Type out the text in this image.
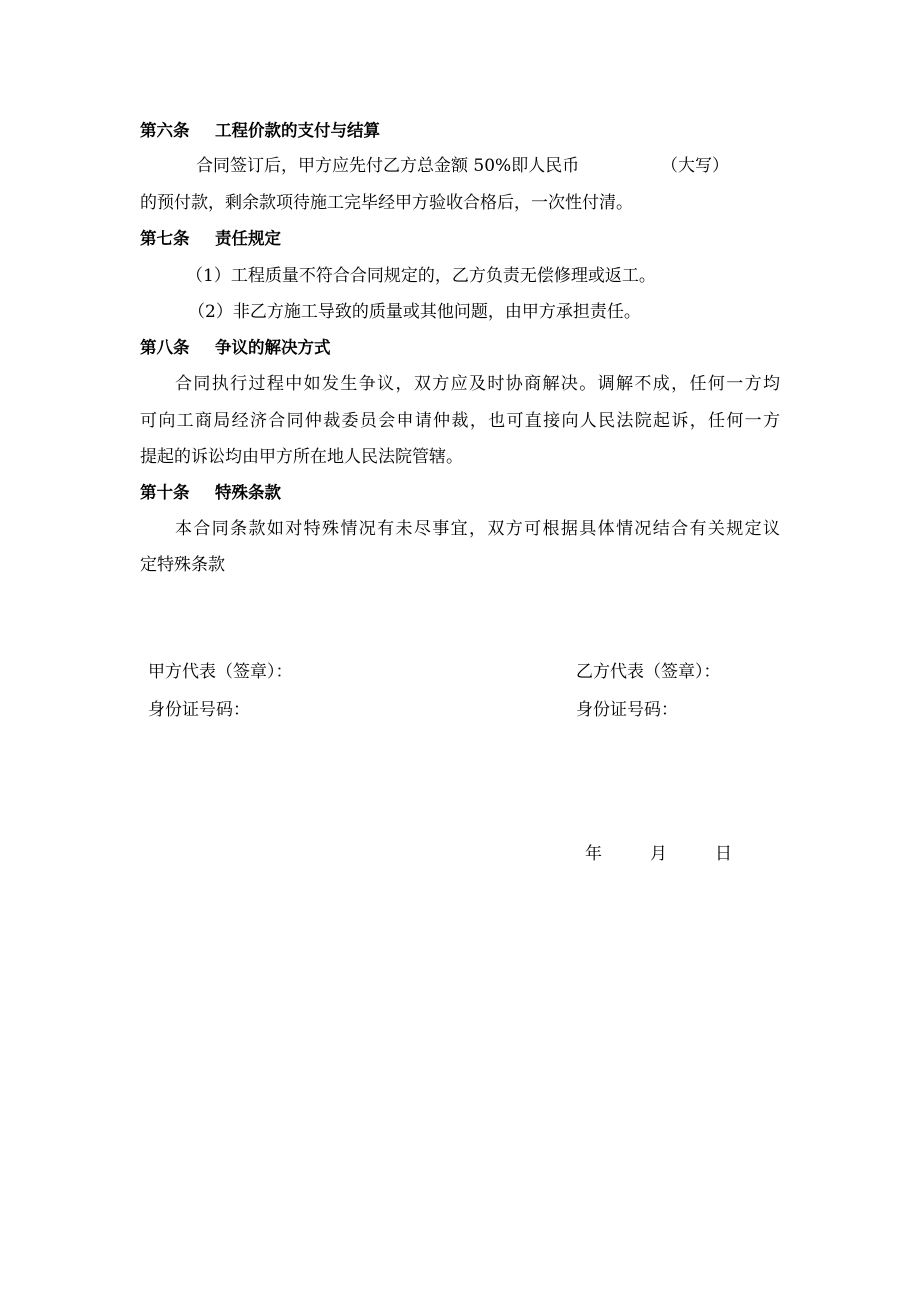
第六条 工程价款的支付与结算
合同签订后，甲方应先付乙方总金额 50%即人民币	（大写）
的预付款，剩余款项待施工完毕经甲方验收合格后，一次性付清。
第七条 责任规定
（1）工程质量不符合合同规定的，乙方负责无偿修理或返工。
（2）非乙方施工导致的质量或其他问题，由甲方承担责任。
第八条 争议的解决方式
合同执行过程中如发生争议，双方应及时协商解决。调解不成，任何一方均
可向工商局经济合同仲裁委员会申请仲裁，也可直接向人民法院起诉，任何一方
提起的诉讼均由甲方所在地人民法院管辖。
第十条 特殊条款
本合同条款如对特殊情况有未尽事宜，双方可根据具体情况结合有关规定议
定特殊条款
甲方代表（签章）：
身份证号码：
乙方代表（签章）：
身份证号码：
年	月	日
